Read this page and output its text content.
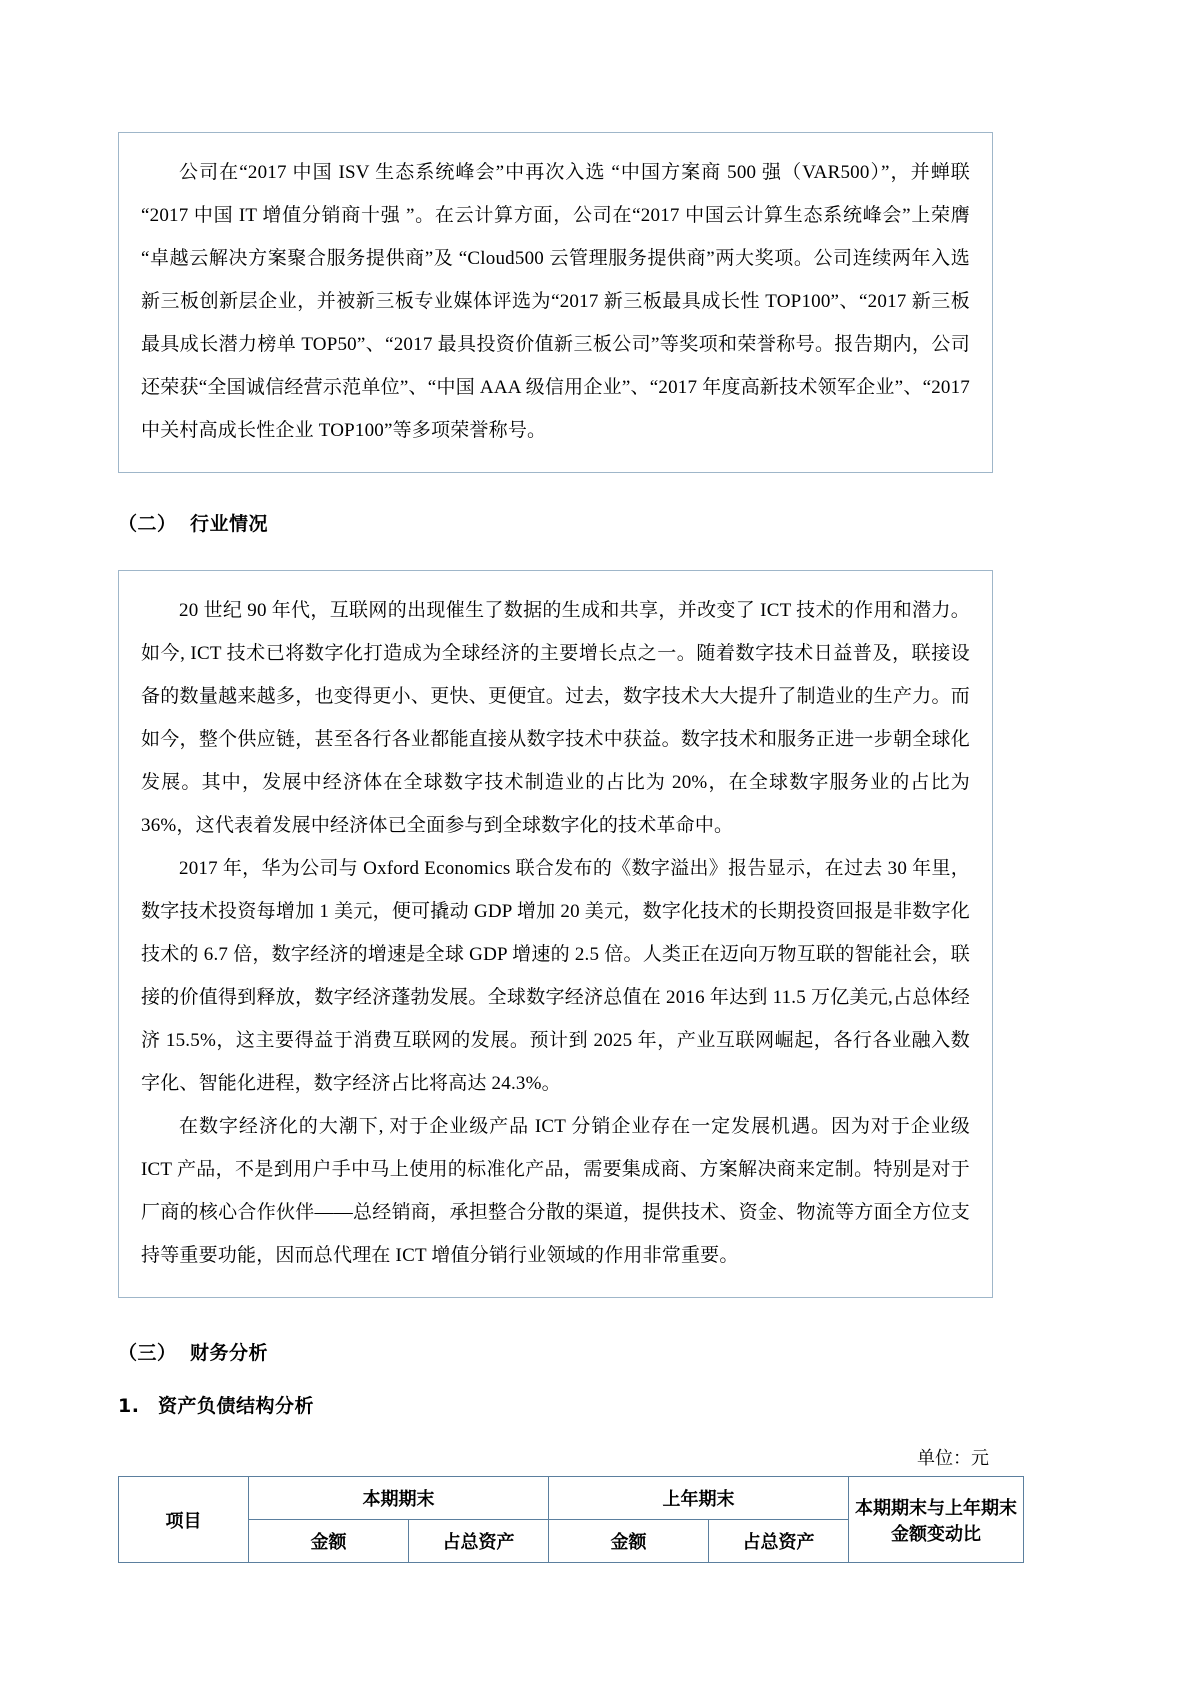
公司在“2017 中国 ISV 生态系统峰会”中再次入选 “中国方案商 500 强（VAR500）”，并蝉联“2017 中国 IT 增值分销商十强 ”。在云计算方面，公司在“2017 中国云计算生态系统峰会”上荣膺“卓越云解决方案聚合服务提供商”及 “Cloud500 云管理服务提供商”两大奖项。公司连续两年入选新三板创新层企业，并被新三板专业媒体评选为“2017 新三板最具成长性 TOP100”、“2017 新三板最具成长潜力榜单 TOP50”、“2017 最具投资价值新三板公司”等奖项和荣誉称号。报告期内，公司还荣获“全国诚信经营示范单位”、“中国 AAA 级信用企业”、“2017 年度高新技术领军企业”、“2017 中关村高成长性企业 TOP100”等多项荣誉称号。

（二） 行业情况

20 世纪 90 年代，互联网的出现催生了数据的生成和共享，并改变了 ICT 技术的作用和潜力。如今, ICT 技术已将数字化打造成为全球经济的主要增长点之一。随着数字技术日益普及，联接设备的数量越来越多，也变得更小、更快、更便宜。过去，数字技术大大提升了制造业的生产力。而如今，整个供应链，甚至各行各业都能直接从数字技术中获益。数字技术和服务正进一步朝全球化发展。其中，发展中经济体在全球数字技术制造业的占比为 20%，在全球数字服务业的占比为 36%，这代表着发展中经济体已全面参与到全球数字化的技术革命中。

2017 年，华为公司与 Oxford Economics 联合发布的《数字溢出》报告显示，在过去 30 年里，数字技术投资每增加 1 美元，便可撬动 GDP 增加 20 美元，数字化技术的长期投资回报是非数字化技术的 6.7 倍，数字经济的增速是全球 GDP 增速的 2.5 倍。人类正在迈向万物互联的智能社会，联接的价值得到释放，数字经济蓬勃发展。全球数字经济总值在 2016 年达到 11.5 万亿美元,占总体经济 15.5%，这主要得益于消费互联网的发展。预计到 2025 年，产业互联网崛起，各行各业融入数字化、智能化进程，数字经济占比将高达 24.3%。

在数字经济化的大潮下, 对于企业级产品 ICT 分销企业存在一定发展机遇。因为对于企业级 ICT 产品，不是到用户手中马上使用的标准化产品，需要集成商、方案解决商来定制。特别是对于厂商的核心合作伙伴——总经销商，承担整合分散的渠道，提供技术、资金、物流等方面全方位支持等重要功能，因而总代理在 ICT 增值分销行业领域的作用非常重要。

（三） 财务分析
1. 资产负债结构分析
单位：元
项目	本期期末		上年期末		本期期末与上年期末金额变动比
	金额	占总资产	金额	占总资产	
